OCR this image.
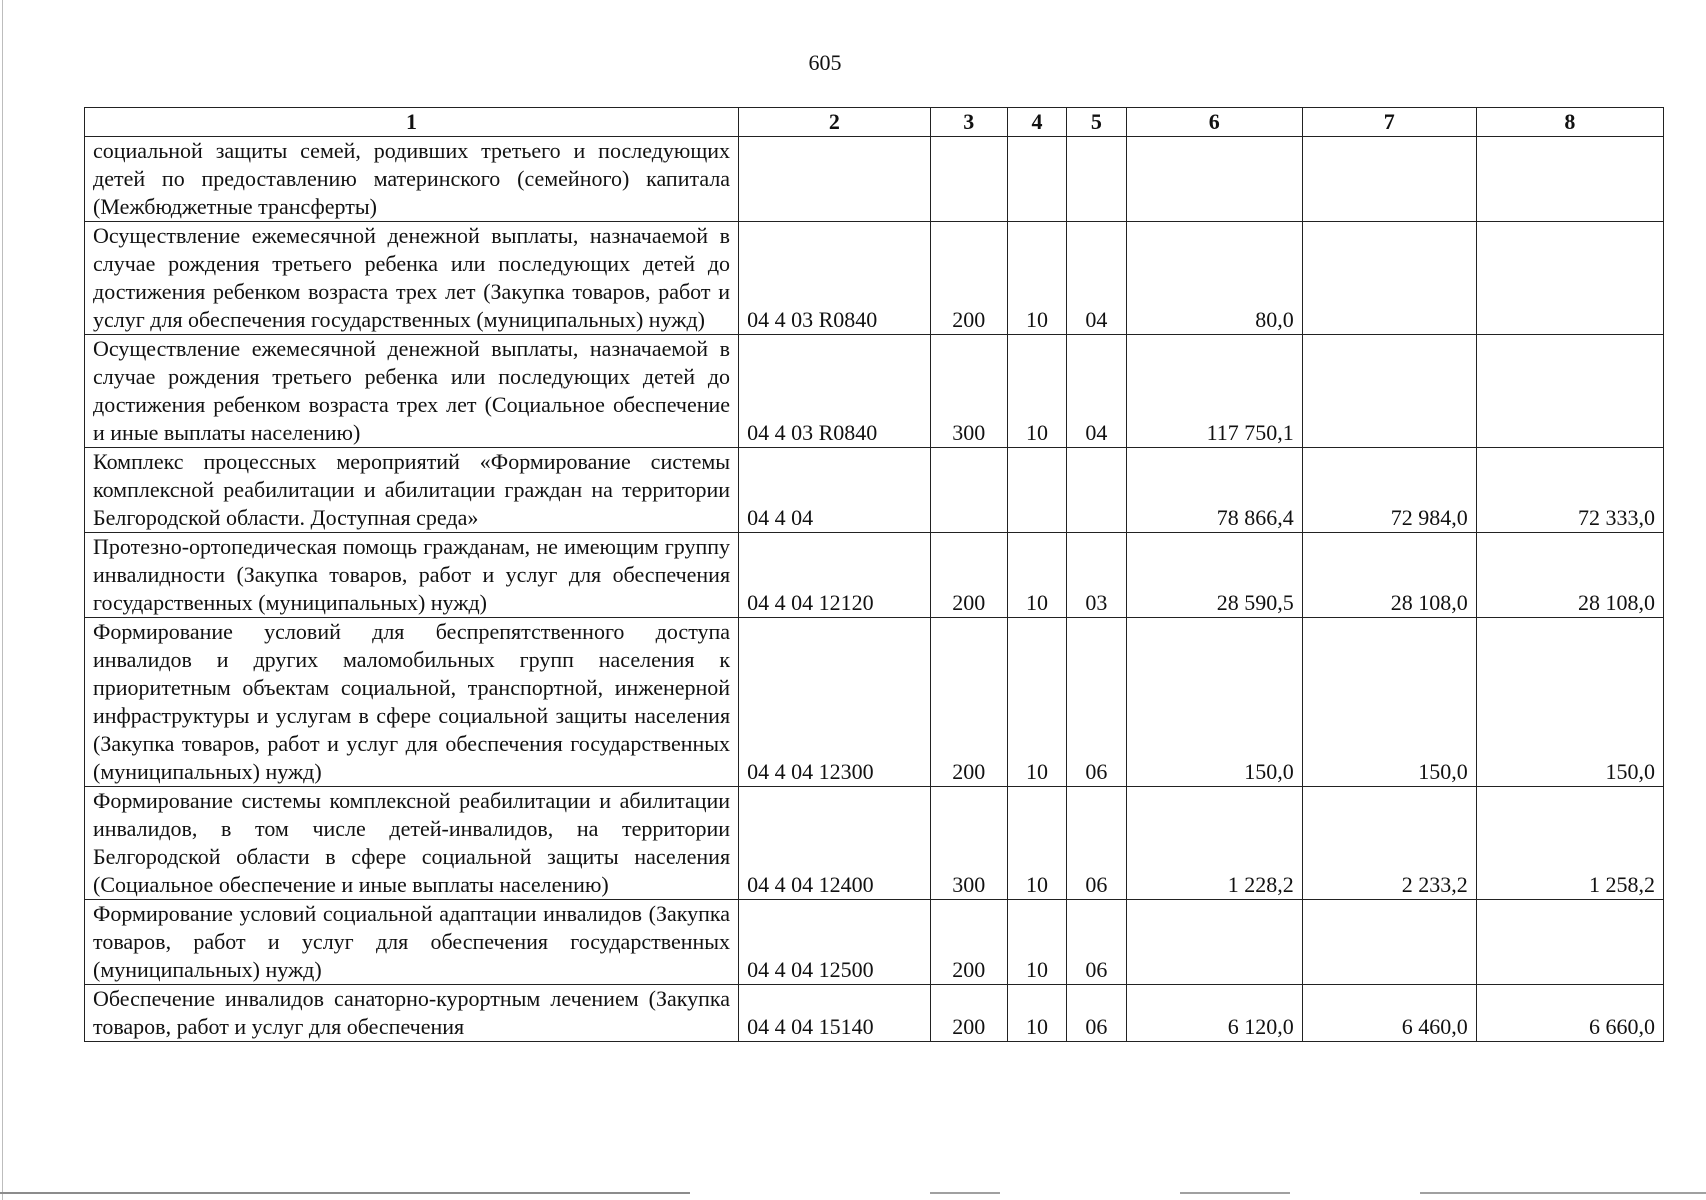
605
1	2	3	4	5	6	7	8
социальной защиты семей, родивших третьего и последующих детей по предоставлению материнского (семейного) капитала (Межбюджетные трансферты)							
Осуществление ежемесячной денежной выплаты, назначаемой в случае рождения третьего ребенка или последующих детей до достижения ребенком возраста трех лет (Закупка товаров, работ и услуг для обеспечения государственных (муниципальных) нужд)	04 4 03 R0840	200	10	04	80,0		
Осуществление ежемесячной денежной выплаты, назначаемой в случае рождения третьего ребенка или последующих детей до достижения ребенком возраста трех лет (Социальное обеспечение и иные выплаты населению)	04 4 03 R0840	300	10	04	117 750,1		
Комплекс процессных мероприятий «Формирование системы комплексной реабилитации и абилитации граждан на территории Белгородской области. Доступная среда»	04 4 04				78 866,4	72 984,0	72 333,0
Протезно-ортопедическая помощь гражданам, не имеющим группу инвалидности (Закупка товаров, работ и услуг для обеспечения государственных (муниципальных) нужд)	04 4 04 12120	200	10	03	28 590,5	28 108,0	28 108,0
Формирование условий для беспрепятственного доступа инвалидов и других маломобильных групп населения к приоритетным объектам социальной, транспортной, инженерной инфраструктуры и услугам в сфере социальной защиты населения (Закупка товаров, работ и услуг для обеспечения государственных (муниципальных) нужд)	04 4 04 12300	200	10	06	150,0	150,0	150,0
Формирование системы комплексной реабилитации и абилитации инвалидов, в том числе детей-инвалидов, на территории Белгородской области в сфере социальной защиты населения (Социальное обеспечение и иные выплаты населению)	04 4 04 12400	300	10	06	1 228,2	2 233,2	1 258,2
Формирование условий социальной адаптации инвалидов (Закупка товаров, работ и услуг для обеспечения государственных (муниципальных) нужд)	04 4 04 12500	200	10	06			
Обеспечение инвалидов санаторно-курортным лечением (Закупка товаров, работ и услуг для обеспечения	04 4 04 15140	200	10	06	6 120,0	6 460,0	6 660,0
